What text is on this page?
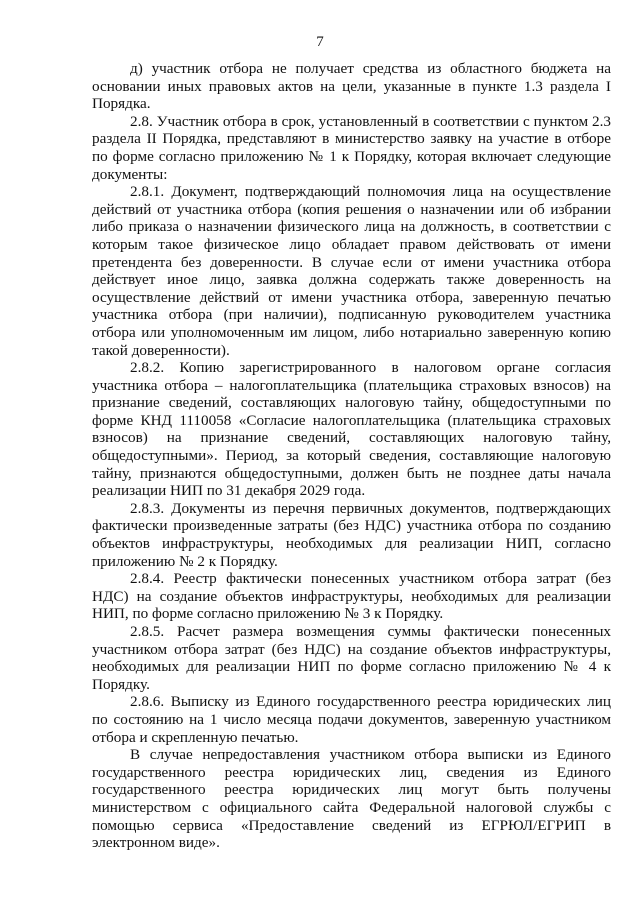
7

д) участник отбора не получает средства из областного бюджета на основании иных правовых актов на цели, указанные в пункте 1.3 раздела I Порядка.

2.8. Участник отбора в срок, установленный в соответствии с пунктом 2.3 раздела II Порядка, представляют в министерство заявку на участие в отборе по форме согласно приложению № 1 к Порядку, которая включает следующие документы:

2.8.1. Документ, подтверждающий полномочия лица на осуществление действий от участника отбора (копия решения о назначении или об избрании либо приказа о назначении физического лица на должность, в соответствии с которым такое физическое лицо обладает правом действовать от имени претендента без доверенности. В случае если от имени участника отбора действует иное лицо, заявка должна содержать также доверенность на осуществление действий от имени участника отбора, заверенную печатью участника отбора (при наличии), подписанную руководителем участника отбора или уполномоченным им лицом, либо нотариально заверенную копию такой доверенности).

2.8.2. Копию зарегистрированного в налоговом органе согласия участника отбора – налогоплательщика (плательщика страховых взносов) на признание сведений, составляющих налоговую тайну, общедоступными по форме КНД 1110058 «Согласие налогоплательщика (плательщика страховых взносов) на признание сведений, составляющих налоговую тайну, общедоступными». Период, за который сведения, составляющие налоговую тайну, признаются общедоступными, должен быть не позднее даты начала реализации НИП по 31 декабря 2029 года.

2.8.3. Документы из перечня первичных документов, подтверждающих фактически произведенные затраты (без НДС) участника отбора по созданию объектов инфраструктуры, необходимых для реализации НИП, согласно приложению № 2 к Порядку.

2.8.4. Реестр фактически понесенных участником отбора затрат (без НДС) на создание объектов инфраструктуры, необходимых для реализации НИП, по форме согласно приложению № 3 к Порядку.

2.8.5. Расчет размера возмещения суммы фактически понесенных участником отбора затрат (без НДС) на создание объектов инфраструктуры, необходимых для реализации НИП по форме согласно приложению № 4 к Порядку.

2.8.6. Выписку из Единого государственного реестра юридических лиц по состоянию на 1 число месяца подачи документов, заверенную участником отбора и скрепленную печатью.

В случае непредоставления участником отбора выписки из Единого государственного реестра юридических лиц, сведения из Единого государственного реестра юридических лиц могут быть получены министерством с официального сайта Федеральной налоговой службы с помощью сервиса «Предоставление сведений из ЕГРЮЛ/ЕГРИП в электронном виде».
